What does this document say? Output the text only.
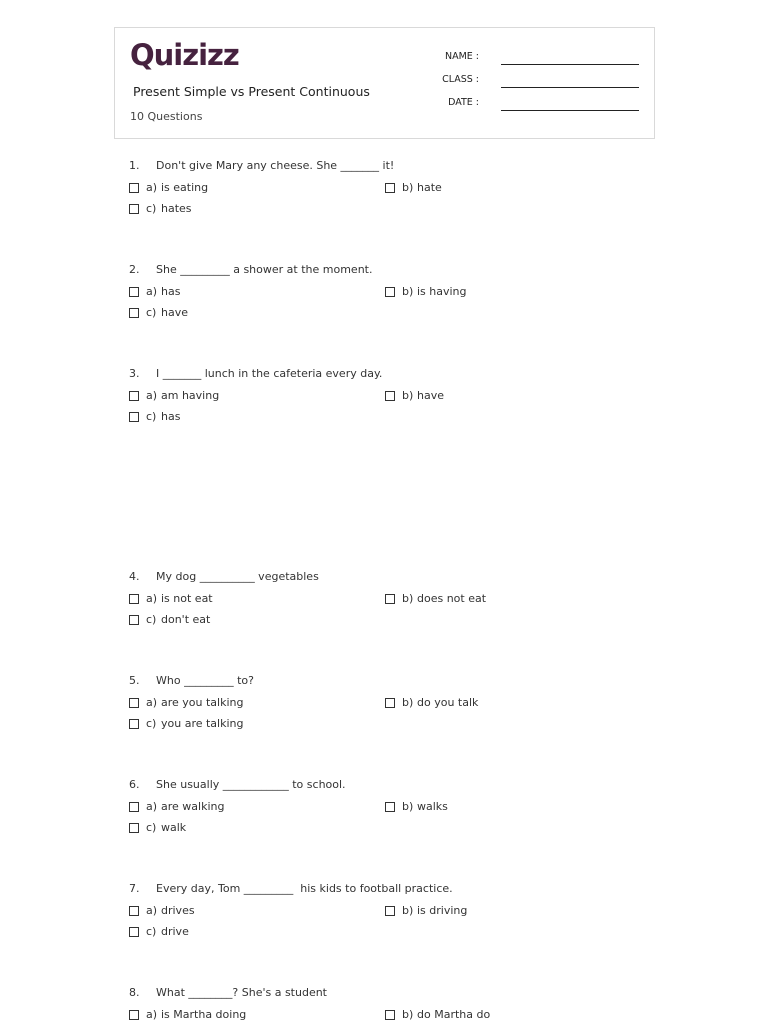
Quizizz
Present Simple vs Present Continuous
10 Questions
NAME :
CLASS :
DATE :
1. Don't give Mary any cheese. She _______ it!
a) is eating	b) hate
c) hates
2. She _________ a shower at the moment.
a) has	b) is having
c) have
3. I _______ lunch in the cafeteria every day.
a) am having	b) have
c) has
4. My dog __________ vegetables
a) is not eat	b) does not eat
c) don't eat
5. Who _________ to?
a) are you talking	b) do you talk
c) you are talking
6. She usually ____________ to school.
a) are walking	b) walks
c) walk
7. Every day, Tom _________  his kids to football practice.
a) drives	b) is driving
c) drive
8. What ________? She's a student
a) is Martha doing	b) do Martha do
